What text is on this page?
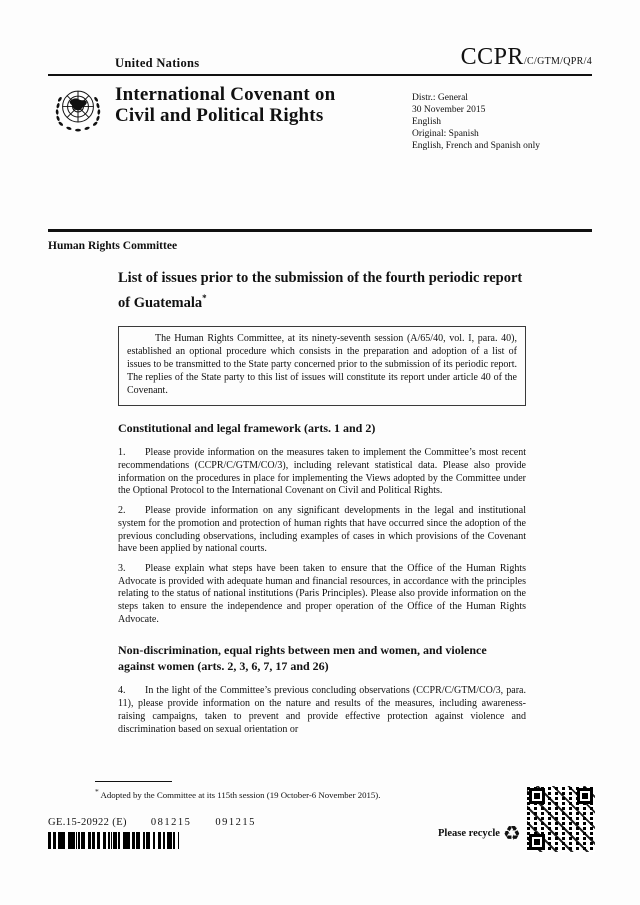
United Nations	CCPR/C/GTM/QPR/4
International Covenant on
Civil and Political Rights
Distr.: General
30 November 2015
English
Original: Spanish
English, French and Spanish only
Human Rights Committee
List of issues prior to the submission of the fourth periodic report of Guatemala*

The Human Rights Committee, at its ninety-seventh session (A/65/40, vol. I, para. 40), established an optional procedure which consists in the preparation and adoption of a list of issues to be transmitted to the State party concerned prior to the submission of its periodic report. The replies of the State party to this list of issues will constitute its report under article 40 of the Covenant.

Constitutional and legal framework (arts. 1 and 2)

1. Please provide information on the measures taken to implement the Committee’s most recent recommendations (CCPR/C/GTM/CO/3), including relevant statistical data. Please also provide information on the procedures in place for implementing the Views adopted by the Committee under the Optional Protocol to the International Covenant on Civil and Political Rights.

2. Please provide information on any significant developments in the legal and institutional system for the promotion and protection of human rights that have occurred since the adoption of the previous concluding observations, including examples of cases in which provisions of the Covenant have been applied by national courts.

3. Please explain what steps have been taken to ensure that the Office of the Human Rights Advocate is provided with adequate human and financial resources, in accordance with the principles relating to the status of national institutions (Paris Principles). Please also provide information on the steps taken to ensure the independence and proper operation of the Office of the Human Rights Advocate.

Non-discrimination, equal rights between men and women, and violence against women (arts. 2, 3, 6, 7, 17 and 26)

4. In the light of the Committee’s previous concluding observations (CCPR/C/GTM/CO/3, para. 11), please provide information on the nature and results of the measures, including awareness-raising campaigns, taken to prevent and provide effective protection against violence and discrimination based on sexual orientation or

* Adopted by the Committee at its 115th session (19 October-6 November 2015).

GE.15-20922 (E) 081215 091215
Please recycle ♻
